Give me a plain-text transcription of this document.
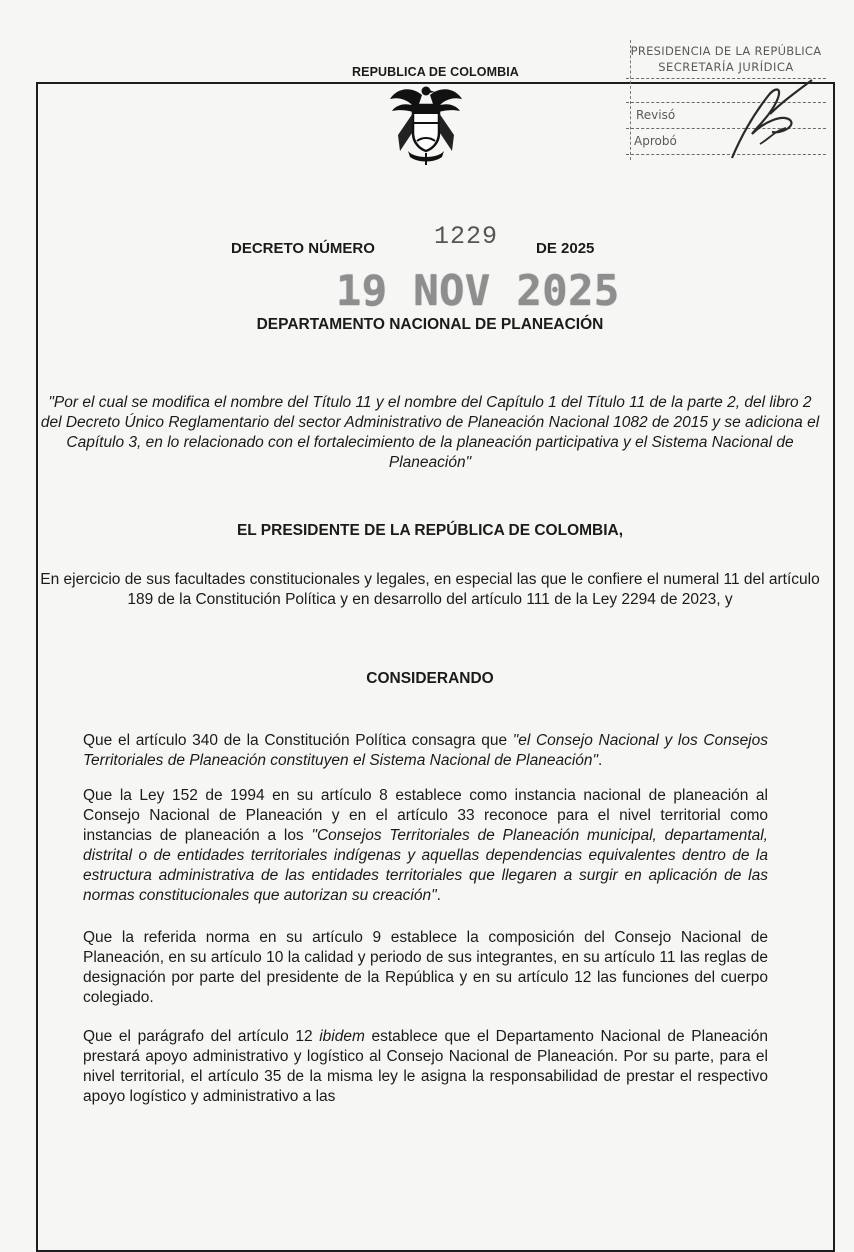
REPUBLICA DE COLOMBIA
PRESIDENCIA DE LA REPÚBLICA
SECRETARÍA JURÍDICA
Revisó
Aprobó
DECRETO NÚMERO 1229	DE 2025
19 NOV 2025
DEPARTAMENTO NACIONAL DE PLANEACIÓN
"Por el cual se modifica el nombre del Título 11 y el nombre del Capítulo 1 del Título 11 de la parte 2, del libro 2 del Decreto Único Reglamentario del sector Administrativo de Planeación Nacional 1082 de 2015 y se adiciona el Capítulo 3, en lo relacionado con el fortalecimiento de la planeación participativa y el Sistema Nacional de Planeación"
EL PRESIDENTE DE LA REPÚBLICA DE COLOMBIA,
En ejercicio de sus facultades constitucionales y legales, en especial las que le confiere el numeral 11 del artículo 189 de la Constitución Política y en desarrollo del artículo 111 de la Ley 2294 de 2023, y
CONSIDERANDO
Que el artículo 340 de la Constitución Política consagra que "el Consejo Nacional y los Consejos Territoriales de Planeación constituyen el Sistema Nacional de Planeación".
Que la Ley 152 de 1994 en su artículo 8 establece como instancia nacional de planeación al Consejo Nacional de Planeación y en el artículo 33 reconoce para el nivel territorial como instancias de planeación a los "Consejos Territoriales de Planeación municipal, departamental, distrital o de entidades territoriales indígenas y aquellas dependencias equivalentes dentro de la estructura administrativa de las entidades territoriales que llegaren a surgir en aplicación de las normas constitucionales que autorizan su creación".
Que la referida norma en su artículo 9 establece la composición del Consejo Nacional de Planeación, en su artículo 10 la calidad y periodo de sus integrantes, en su artículo 11 las reglas de designación por parte del presidente de la República y en su artículo 12 las funciones del cuerpo colegiado.
Que el parágrafo del artículo 12 ibidem establece que el Departamento Nacional de Planeación prestará apoyo administrativo y logístico al Consejo Nacional de Planeación. Por su parte, para el nivel territorial, el artículo 35 de la misma ley le asigna la responsabilidad de prestar el respectivo apoyo logístico y administrativo a las
